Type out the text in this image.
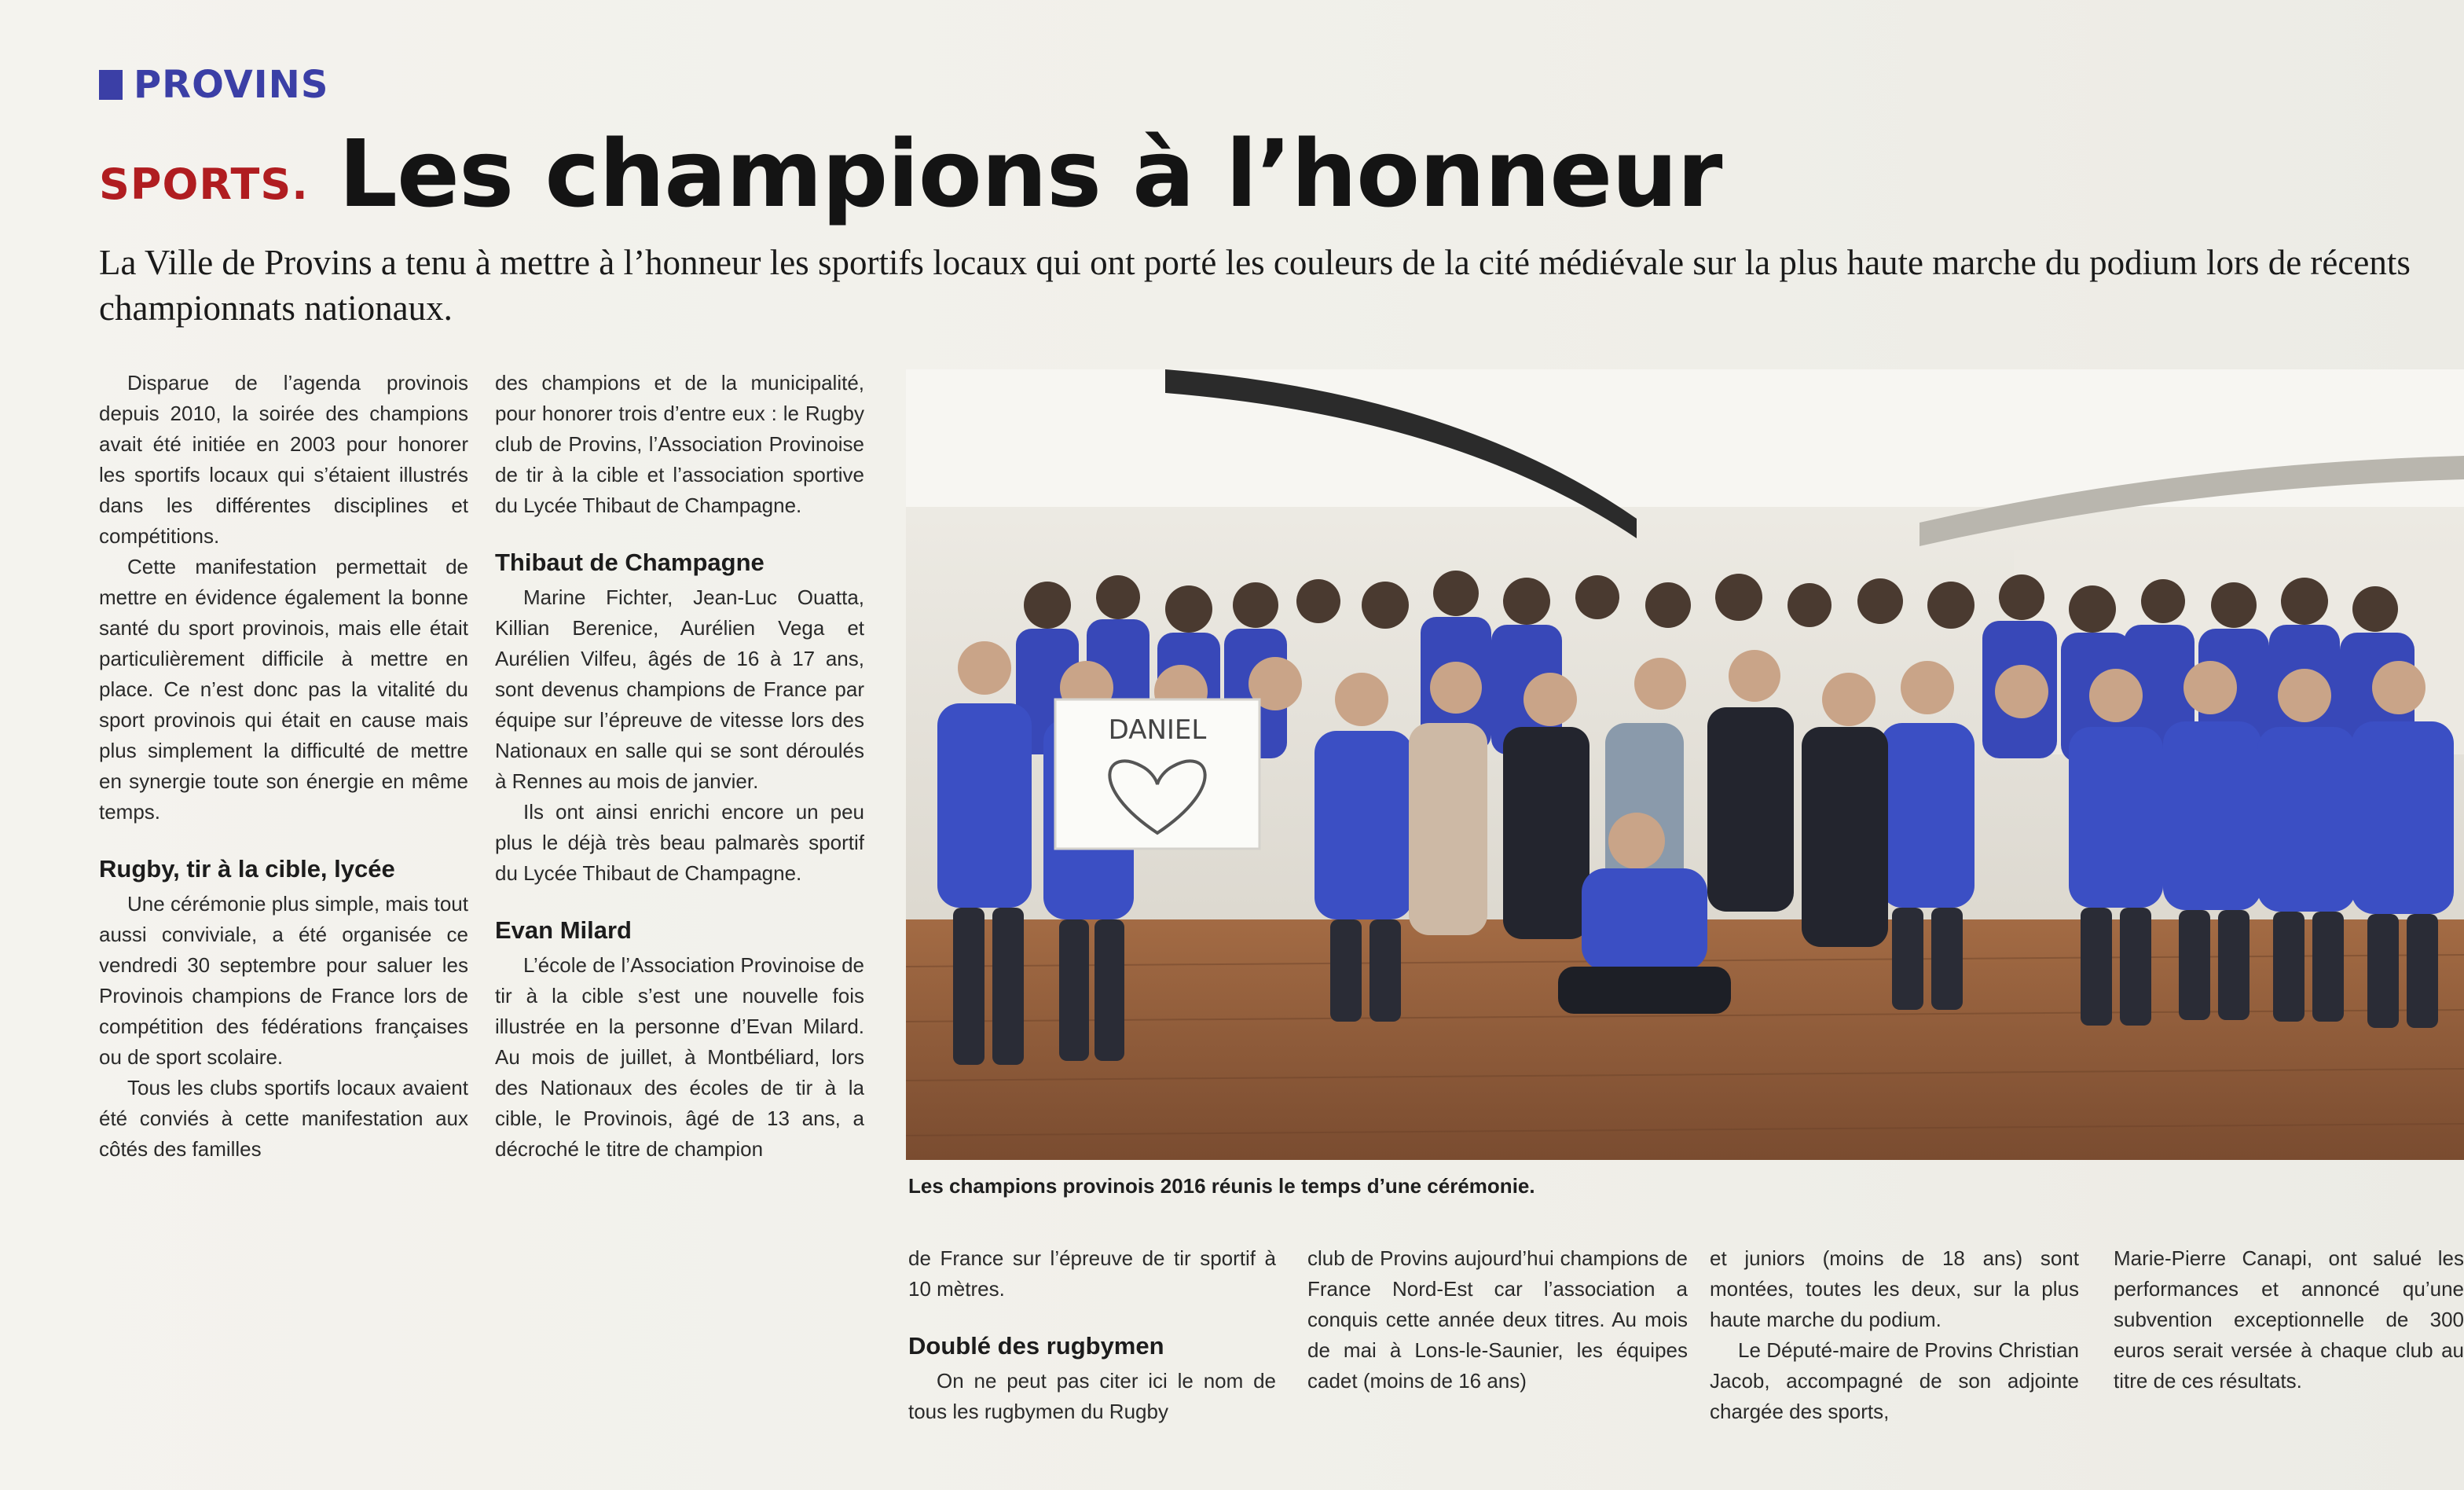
PROVINS
SPORTS. Les champions à l’honneur
La Ville de Provins a tenu à mettre à l’honneur les sportifs locaux qui ont porté les couleurs de la cité médiévale sur la plus haute marche du podium lors de récents championnats nationaux.

Disparue de l’agenda provinois depuis 2010, la soirée des champions avait été initiée en 2003 pour honorer les sportifs locaux qui s’étaient illustrés dans les différentes disciplines et compétitions.

Cette manifestation permettait de mettre en évidence également la bonne santé du sport provinois, mais elle était particulièrement difficile à mettre en place. Ce n’est donc pas la vitalité du sport provinois qui était en cause mais plus simplement la difficulté de mettre en synergie toute son énergie en même temps.

Rugby, tir à la cible, lycée

Une cérémonie plus simple, mais tout aussi conviviale, a été organisée ce vendredi 30 septembre pour saluer les Provinois champions de France lors de compétition des fédérations françaises ou de sport scolaire.

Tous les clubs sportifs locaux avaient été conviés à cette manifestation aux côtés des familles

des champions et de la municipalité, pour honorer trois d’entre eux : le Rugby club de Provins, l’Association Provinoise de tir à la cible et l’association sportive du Lycée Thibaut de Champagne.

Thibaut de Champagne

Marine Fichter, Jean-Luc Ouatta, Killian Berenice, Aurélien Vega et Aurélien Vilfeu, âgés de 16 à 17 ans, sont devenus champions de France par équipe sur l’épreuve de vitesse lors des Nationaux en salle qui se sont déroulés à Rennes au mois de janvier.

Ils ont ainsi enrichi encore un peu plus le déjà très beau palmarès sportif du Lycée Thibaut de Champagne.

Evan Milard

L’école de l’Association Provinoise de tir à la cible s’est une nouvelle fois illustrée en la personne d’Evan Milard. Au mois de juillet, à Montbéliard, lors des Nationaux des écoles de tir à la cible, le Provinois, âgé de 13 ans, a décroché le titre de champion

DANIEL
Les champions provinois 2016 réunis le temps d’une cérémonie.

de France sur l’épreuve de tir sportif à 10 mètres.

Doublé des rugbymen

On ne peut pas citer ici le nom de tous les rugbymen du Rugby

club de Provins aujourd’hui champions de France Nord-Est car l’association a conquis cette année deux titres. Au mois de mai à Lons-le-Saunier, les équipes cadet (moins de 16 ans)

et juniors (moins de 18 ans) sont montées, toutes les deux, sur la plus haute marche du podium.

Le Député-maire de Provins Christian Jacob, accompagné de son adjointe chargée des sports,

Marie-Pierre Canapi, ont salué les performances et annoncé qu’une subvention exceptionnelle de 300 euros serait versée à chaque club au titre de ces résultats.
